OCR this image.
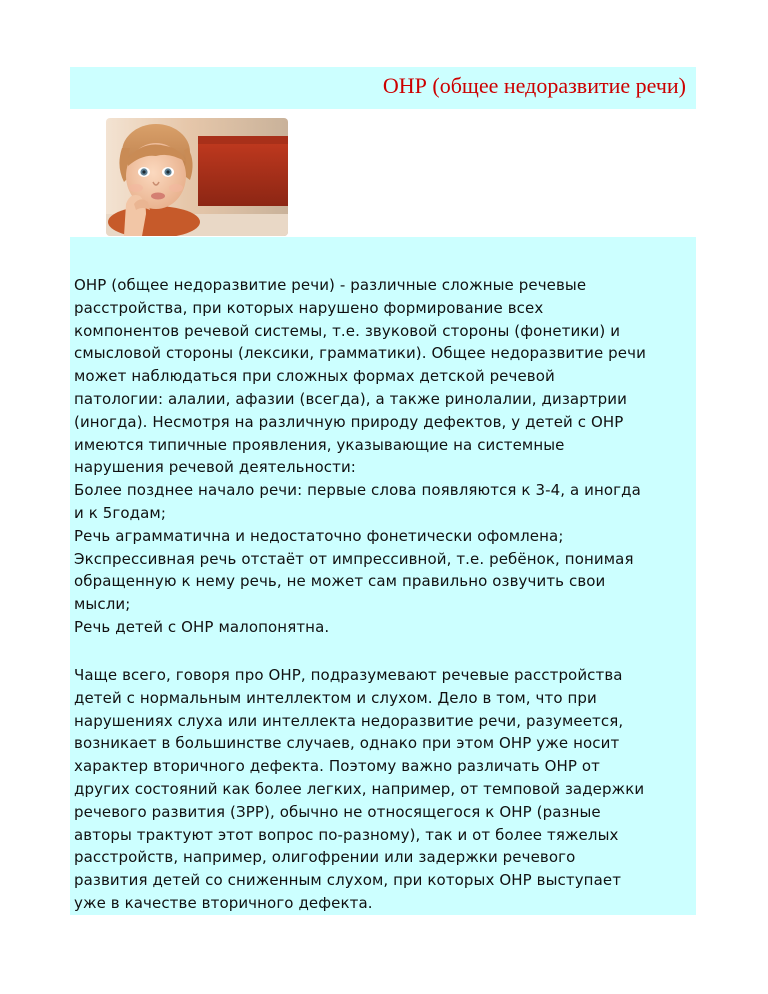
ОНР (общее недоразвитие речи)
ОНР (общее недоразвитие речи) - различные сложные речевые
расстройства, при которых нарушено формирование всех
компонентов речевой системы, т.е. звуковой стороны (фонетики) и
смысловой стороны (лексики, грамматики). Общее недоразвитие речи
может наблюдаться при сложных формах детской речевой
патологии: алалии, афазии (всегда), а также ринолалии, дизартрии
(иногда). Несмотря на различную природу дефектов, у детей с ОНР
имеются типичные проявления, указывающие на системные
нарушения речевой деятельности:
Более позднее начало речи: первые слова появляются к 3-4, а иногда
и к 5годам;
Речь аграмматична и недостаточно фонетически офомлена;
Экспрессивная речь отстаёт от импрессивной, т.е. ребёнок, понимая
обращенную к нему речь, не может сам правильно озвучить свои
мысли;
Речь детей с ОНР малопонятна.
Чаще всего, говоря про ОНР, подразумевают речевые расстройства
детей с нормальным интеллектом и слухом. Дело в том, что при
нарушениях слуха или интеллекта недоразвитие речи, разумеется,
возникает в большинстве случаев, однако при этом ОНР уже носит
характер вторичного дефекта. Поэтому важно различать ОНР от
других состояний как более легких, например, от темповой задержки
речевого развития (ЗРР), обычно не относящегося к ОНР (разные
авторы трактуют этот вопрос по-разному), так и от более тяжелых
расстройств, например, олигофрении или задержки речевого
развития детей со сниженным слухом, при которых ОНР выступает
уже в качестве вторичного дефекта.
